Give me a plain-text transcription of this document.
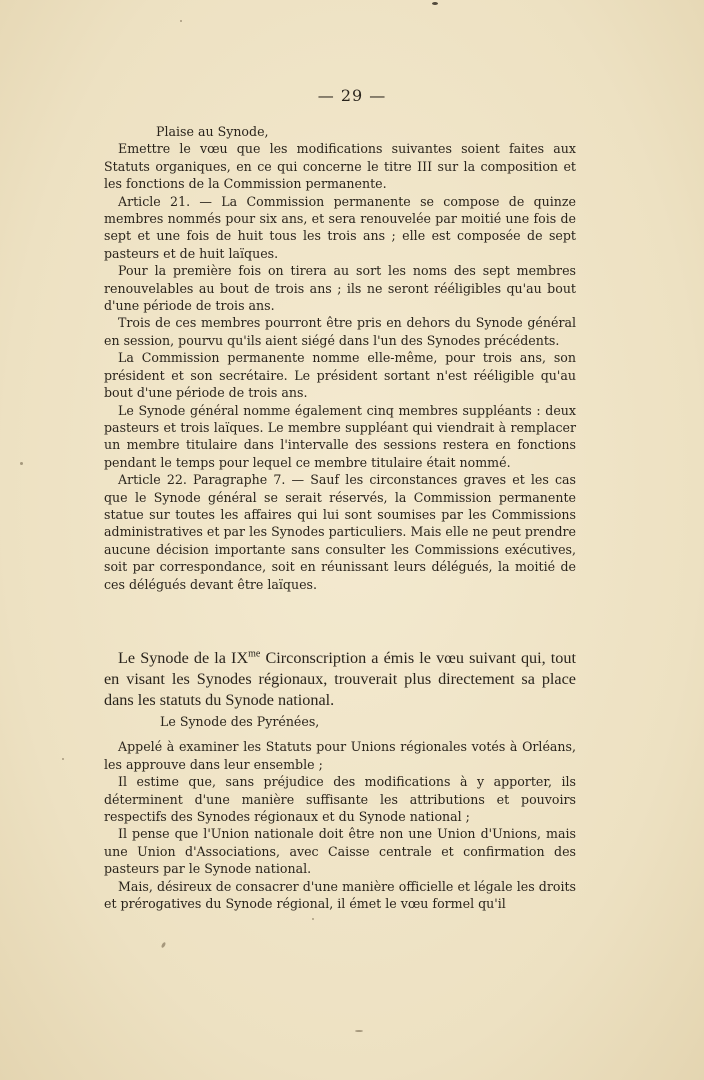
— 29 —

Plaise au Synode,

Emettre le vœu que les modifications suivantes soient faites aux Statuts organiques, en ce qui concerne le titre III sur la composition et les fonctions de la Commission permanente.

Article 21. — La Commission permanente se compose de quinze membres nommés pour six ans, et sera renouvelée par moitié une fois de sept et une fois de huit tous les trois ans ; elle est composée de sept pasteurs et de huit laïques.

Pour la première fois on tirera au sort les noms des sept membres renouvelables au bout de trois ans ; ils ne seront rééligibles qu'au bout d'une période de trois ans.

Trois de ces membres pourront être pris en dehors du Synode général en session, pourvu qu'ils aient siégé dans l'un des Synodes précédents.

La Commission permanente nomme elle-même, pour trois ans, son président et son secrétaire. Le président sortant n'est rééligible qu'au bout d'une période de trois ans.

Le Synode général nomme également cinq membres suppléants : deux pasteurs et trois laïques. Le membre suppléant qui viendrait à remplacer un membre titulaire dans l'intervalle des sessions restera en fonctions pendant le temps pour lequel ce membre titulaire était nommé.

Article 22. Paragraphe 7. — Sauf les circonstances graves et les cas que le Synode général se serait réservés, la Commission permanente statue sur toutes les affaires qui lui sont soumises par les Commissions administratives et par les Synodes particuliers. Mais elle ne peut prendre aucune décision importante sans consulter les Commissions exécutives, soit par correspondance, soit en réunissant leurs délégués, la moitié de ces délégués devant être laïques.

Le Synode de la $IX^{me}$ Circonscription a émis le vœu suivant qui, tout en visant les Synodes régionaux, trouverait plus directement sa place dans les statuts du Synode national.

Le Synode des Pyrénées,

Appelé à examiner les Statuts pour Unions régionales votés à Orléans, les approuve dans leur ensemble ;

Il estime que, sans préjudice des modifications à y apporter, ils déterminent d'une manière suffisante les attributions et pouvoirs respectifs des Synodes régionaux et du Synode national ;

Il pense que l'Union nationale doit être non une Union d'Unions, mais une Union d'Associations, avec Caisse centrale et confirmation des pasteurs par le Synode national.

Mais, désireux de consacrer d'une manière officielle et légale les droits et prérogatives du Synode régional, il émet le vœu formel qu'il
